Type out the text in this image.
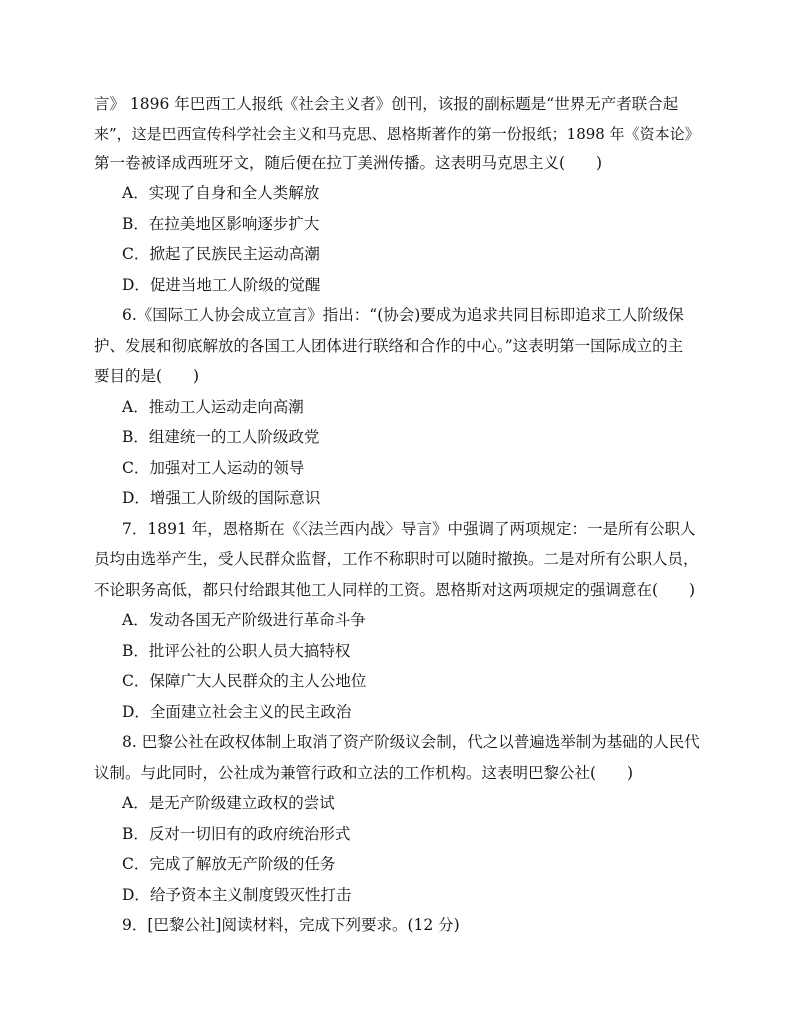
言》 1896 年巴西工人报纸《社会主义者》创刊，该报的副标题是“世界无产者联合起
来”，这是巴西宣传科学社会主义和马克思、恩格斯著作的第一份报纸；1898 年《资本论》
第一卷被译成西班牙文，随后便在拉丁美洲传播。这表明马克思主义(　　)
A．实现了自身和全人类解放
B．在拉美地区影响逐步扩大
C．掀起了民族民主运动高潮
D．促进当地工人阶级的觉醒
6.《国际工人协会成立宣言》指出：“(协会)要成为追求共同目标即追求工人阶级保
护、发展和彻底解放的各国工人团体进行联络和合作的中心。”这表明第一国际成立的主
要目的是(　　)
A．推动工人运动走向高潮
B．组建统一的工人阶级政党
C．加强对工人运动的领导
D．增强工人阶级的国际意识
7．1891 年，恩格斯在《〈法兰西内战〉导言》中强调了两项规定：一是所有公职人
员均由选举产生，受人民群众监督，工作不称职时可以随时撤换。二是对所有公职人员，
不论职务高低，都只付给跟其他工人同样的工资。恩格斯对这两项规定的强调意在(　　)
A．发动各国无产阶级进行革命斗争
B．批评公社的公职人员大搞特权
C．保障广大人民群众的主人公地位
D．全面建立社会主义的民主政治
8. 巴黎公社在政权体制上取消了资产阶级议会制，代之以普遍选举制为基础的人民代
议制。与此同时，公社成为兼管行政和立法的工作机构。这表明巴黎公社(　　)
A．是无产阶级建立政权的尝试
B．反对一切旧有的政府统治形式
C．完成了解放无产阶级的任务
D．给予资本主义制度毁灭性打击
9．[巴黎公社]阅读材料，完成下列要求。(12 分)
